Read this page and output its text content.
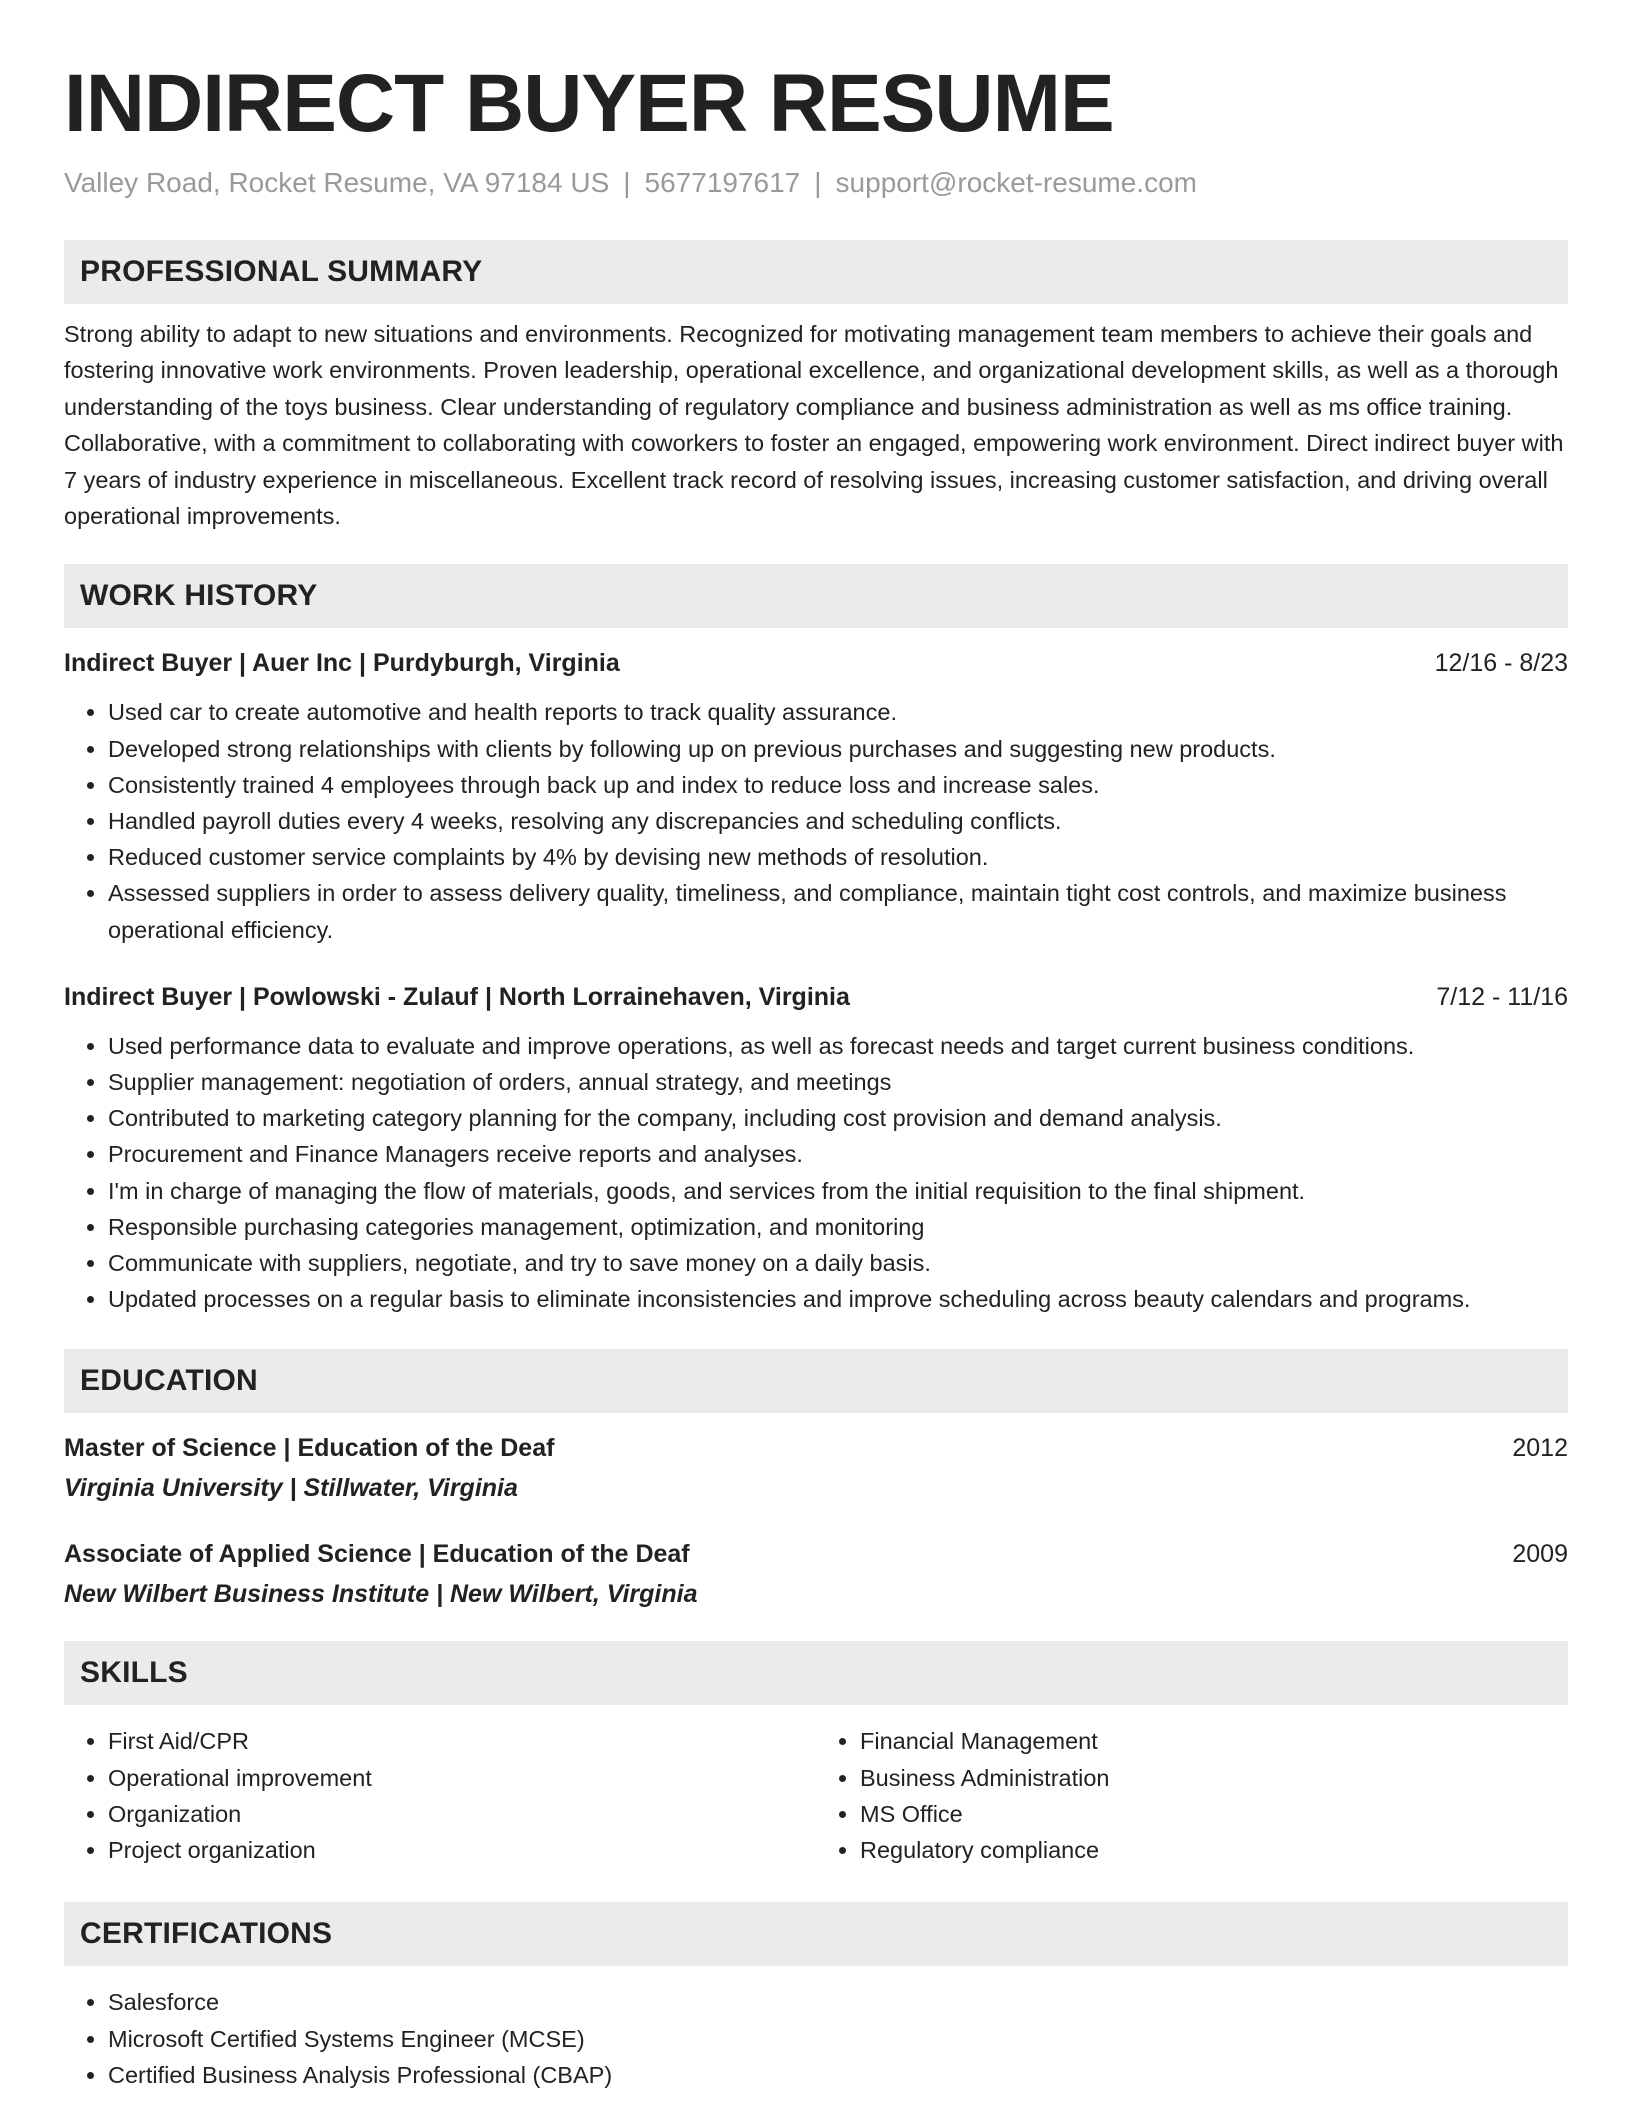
INDIRECT BUYER RESUME
Valley Road, Rocket Resume, VA 97184 US | 5677197617 | support@rocket-resume.com
PROFESSIONAL SUMMARY

Strong ability to adapt to new situations and environments. Recognized for motivating management team members to achieve their goals and fostering innovative work environments. Proven leadership, operational excellence, and organizational development skills, as well as a thorough understanding of the toys business. Clear understanding of regulatory compliance and business administration as well as ms office training. Collaborative, with a commitment to collaborating with coworkers to foster an engaged, empowering work environment. Direct indirect buyer with 7 years of industry experience in miscellaneous. Excellent track record of resolving issues, increasing customer satisfaction, and driving overall operational improvements.

WORK HISTORY
Indirect Buyer | Auer Inc | Purdyburgh, Virginia	12/16 - 8/23
• Used car to create automotive and health reports to track quality assurance.
• Developed strong relationships with clients by following up on previous purchases and suggesting new products.
• Consistently trained 4 employees through back up and index to reduce loss and increase sales.
• Handled payroll duties every 4 weeks, resolving any discrepancies and scheduling conflicts.
• Reduced customer service complaints by 4% by devising new methods of resolution.
• Assessed suppliers in order to assess delivery quality, timeliness, and compliance, maintain tight cost controls, and maximize business operational efficiency.
Indirect Buyer | Powlowski - Zulauf | North Lorrainehaven, Virginia	7/12 - 11/16
• Used performance data to evaluate and improve operations, as well as forecast needs and target current business conditions.
• Supplier management: negotiation of orders, annual strategy, and meetings
• Contributed to marketing category planning for the company, including cost provision and demand analysis.
• Procurement and Finance Managers receive reports and analyses.
• I'm in charge of managing the flow of materials, goods, and services from the initial requisition to the final shipment.
• Responsible purchasing categories management, optimization, and monitoring
• Communicate with suppliers, negotiate, and try to save money on a daily basis.
• Updated processes on a regular basis to eliminate inconsistencies and improve scheduling across beauty calendars and programs.
EDUCATION
Master of Science | Education of the Deaf	2012
Virginia University | Stillwater, Virginia
Associate of Applied Science | Education of the Deaf	2009
New Wilbert Business Institute | New Wilbert, Virginia
SKILLS
• First Aid/CPR
• Operational improvement
• Organization
• Project organization
• Financial Management
• Business Administration
• MS Office
• Regulatory compliance
CERTIFICATIONS
• Salesforce
• Microsoft Certified Systems Engineer (MCSE)
• Certified Business Analysis Professional (CBAP)
